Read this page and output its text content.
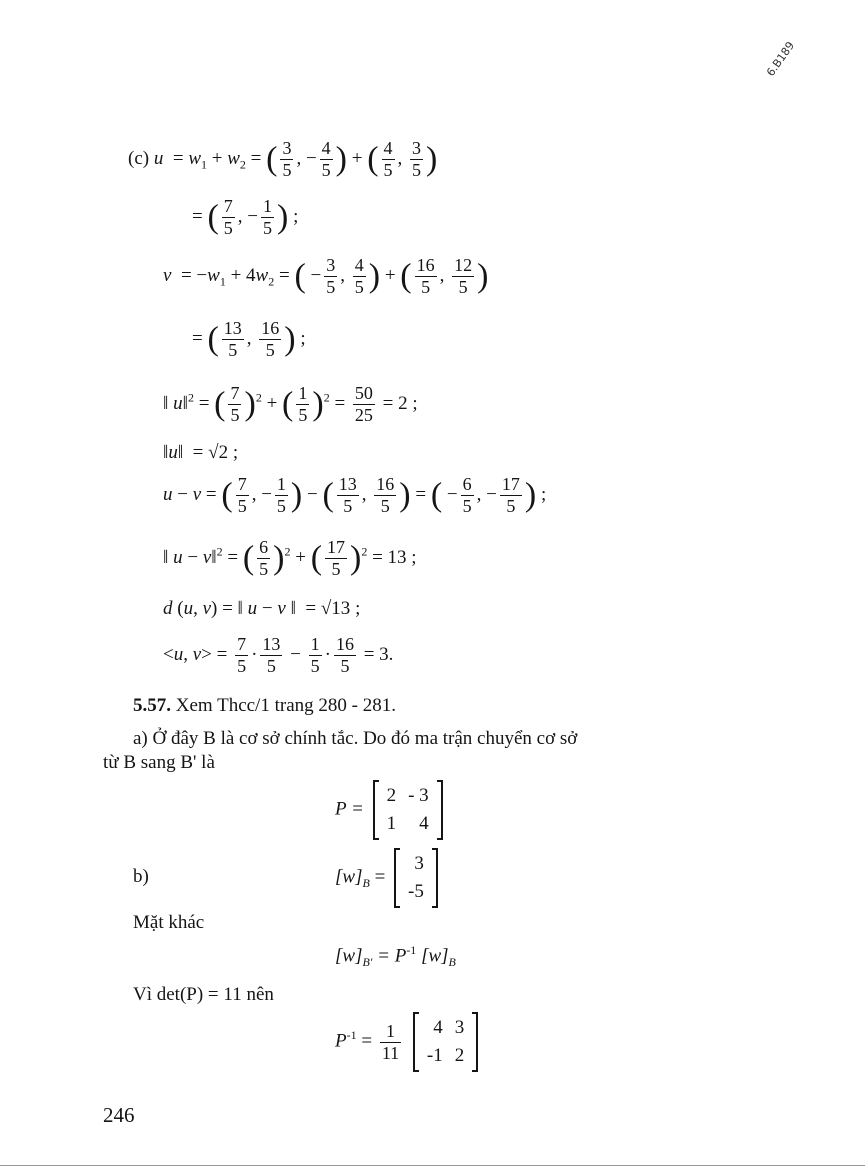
6.B189
(c) $u = w_1 + w_2$ = ( $\frac{3}{5}$ , − $\frac{4}{5}$ ) + ( $\frac{4}{5}$ , $\frac{3}{5}$ )
= ( $\frac{7}{5}$ , − $\frac{1}{5}$ ) ;
$v = -w_1 + 4w_2$ = ( − $\frac{3}{5}$ , $\frac{4}{5}$ ) + ( $\frac{16}{5}$ , $\frac{12}{5}$ )
= ( $\frac{13}{5}$ , $\frac{16}{5}$ ) ;
‖ u‖$^2$ = ( $\frac{7}{5} )^2$ + ( $\frac{1}{5} )^2 = \frac{50}{25} = 2$ ;
‖u‖  = √2 ;
u − v = ( $\frac{7}{5}$ , − $\frac{1}{5}$ ) − ( $\frac{13}{5}$ , $\frac{16}{5}$ ) = ( − $\frac{6}{5}$ , − $\frac{17}{5}$ ) ;
‖ u − v‖$^2$ = ( $\frac{6}{5} )^2$ + ( $\frac{17}{5} )^2 = 13$ ;
d (u, v) = ‖ u − v ‖  = √13 ;
<u, $v> = \frac{7}{5} \cdot \frac{13}{5} - \frac{1}{5} \cdot \frac{16}{5} = 3$.
5.57. Xem Thcc/1 trang 280 - 281.
a) Ở đây B là cơ sở chính tắc. Do đó ma trận chuyển cơ sở
từ B sang B' là
P =
2	- 3
1	4
b)	$[w]_B$ =
3
-5
Mặt khác
$[w]_{B'} = P^{-1}$ $[w]_B$
Vì det(P) = 11 nên
$P^{-1} = \frac{1}{11}$
4	3
-1	2
246
